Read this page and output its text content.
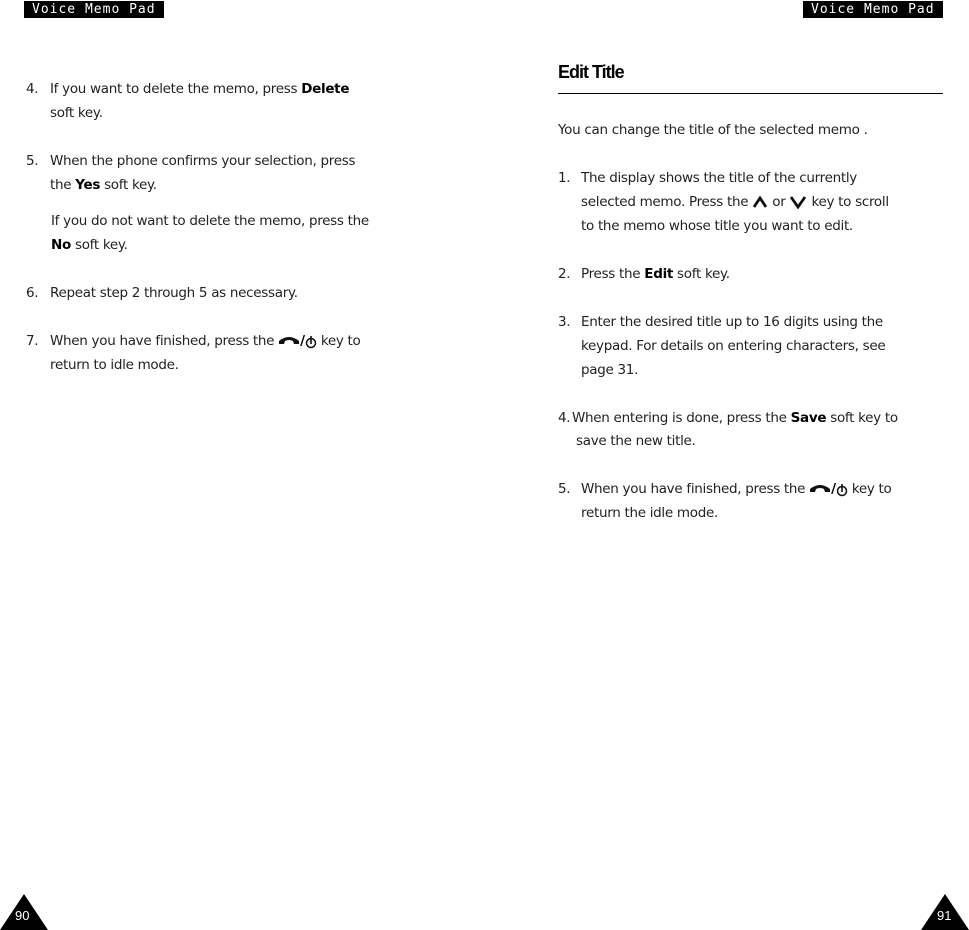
Voice Memo Pad	Voice Memo Pad
4. If you want to delete the memo, press Delete
soft key.
5. When the phone confirms your selection, press
the Yes soft key.
If you do not want to delete the memo, press the
No soft key.
6. Repeat step 2 through 5 as necessary.
7. When you have finished, press the / key to
return to idle mode.
Edit Title
You can change the title of the selected memo .
1. The display shows the title of the currently
selected memo. Press the  or  key to scroll
to the memo whose title you want to edit.
2. Press the Edit soft key.
3. Enter the desired title up to 16 digits using the
keypad. For details on entering characters, see
page 31.
4. When entering is done, press the Save soft key to
save the new title.
5. When you have finished, press the / key to
return the idle mode.
90	91
